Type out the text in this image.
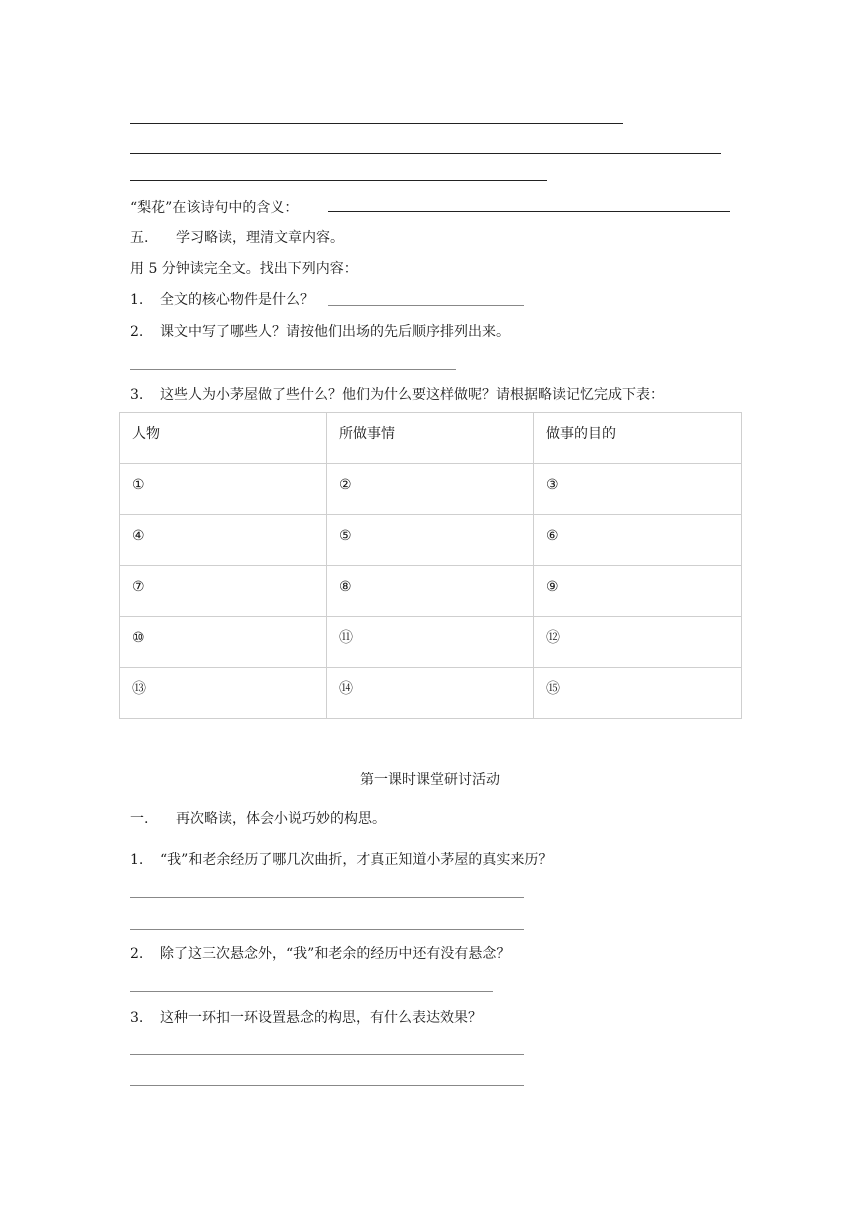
“梨花”在该诗句中的含义：
五. 学习略读，理清文章内容。
用 5 分钟读完全文。找出下列内容：
1. 全文的核心物件是什么？
2. 课文中写了哪些人？请按他们出场的先后顺序排列出来。
3. 这些人为小茅屋做了些什么？他们为什么要这样做呢？请根据略读记忆完成下表：
人物	所做事情	做事的目的
①	②	③
④	⑤	⑥
⑦	⑧	⑨
⑩	⑪	⑫
⑬	⑭	⑮
第一课时课堂研讨活动
一. 再次略读，体会小说巧妙的构思。
1. “我”和老余经历了哪几次曲折，才真正知道小茅屋的真实来历？
2. 除了这三次悬念外，“我”和老余的经历中还有没有悬念？
3. 这种一环扣一环设置悬念的构思，有什么表达效果？
